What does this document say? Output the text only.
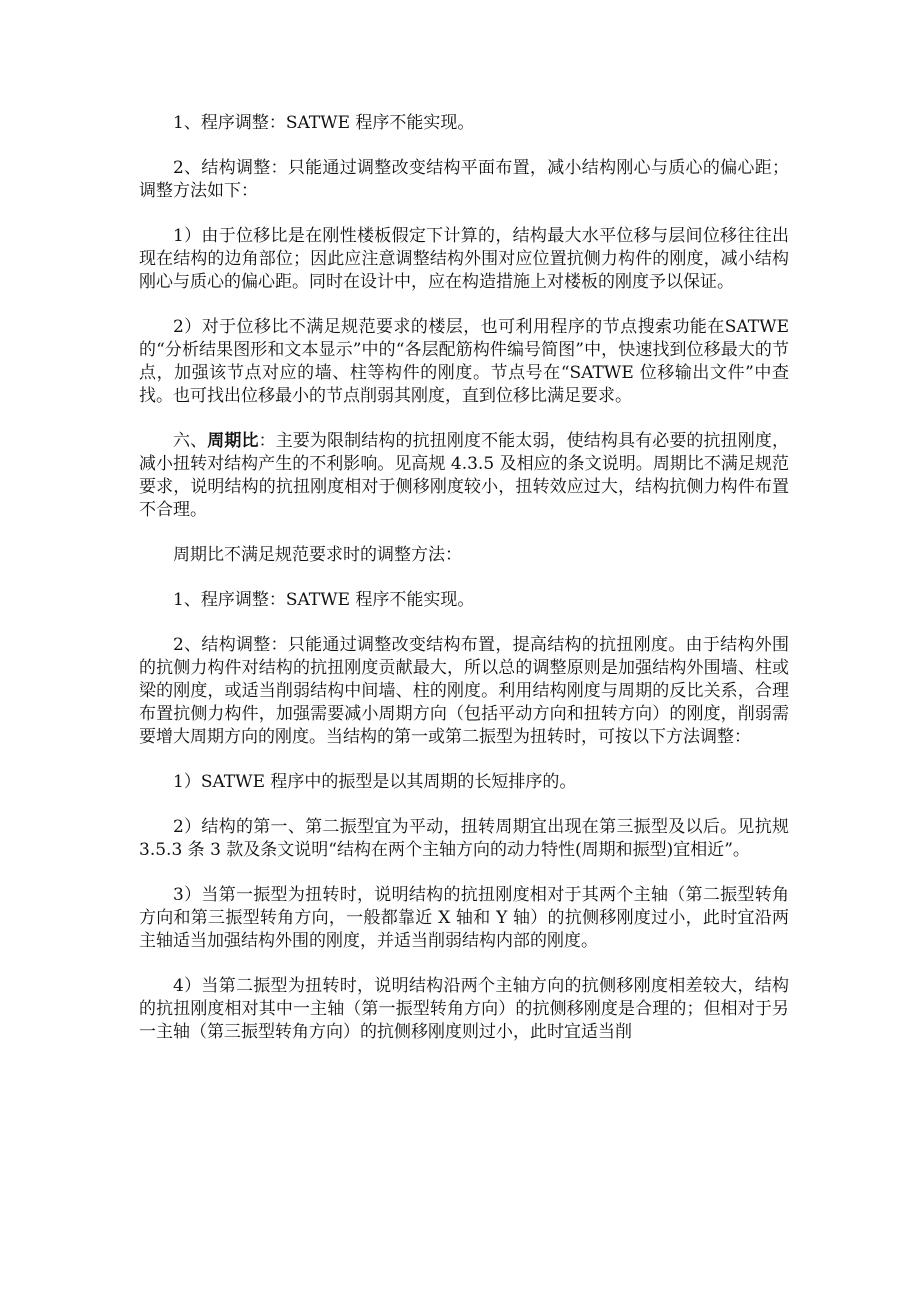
1、程序调整：SATWE 程序不能实现。

2、结构调整：只能通过调整改变结构平面布置，减小结构刚心与质心的偏心距；调整方法如下：

1）由于位移比是在刚性楼板假定下计算的，结构最大水平位移与层间位移往往出现在结构的边角部位；因此应注意调整结构外围对应位置抗侧力构件的刚度，减小结构刚心与质心的偏心距。同时在设计中，应在构造措施上对楼板的刚度予以保证。

2）对于位移比不满足规范要求的楼层，也可利用程序的节点搜索功能在SATWE 的“分析结果图形和文本显示”中的“各层配筋构件编号简图”中，快速找到位移最大的节点，加强该节点对应的墙、柱等构件的刚度。节点号在“SATWE 位移输出文件”中查找。也可找出位移最小的节点削弱其刚度，直到位移比满足要求。

六、周期比：主要为限制结构的抗扭刚度不能太弱，使结构具有必要的抗扭刚度，减小扭转对结构产生的不利影响。见高规 4.3.5 及相应的条文说明。周期比不满足规范要求，说明结构的抗扭刚度相对于侧移刚度较小，扭转效应过大，结构抗侧力构件布置不合理。

周期比不满足规范要求时的调整方法：

1、程序调整：SATWE 程序不能实现。

2、结构调整：只能通过调整改变结构布置，提高结构的抗扭刚度。由于结构外围的抗侧力构件对结构的抗扭刚度贡献最大，所以总的调整原则是加强结构外围墙、柱或梁的刚度，或适当削弱结构中间墙、柱的刚度。利用结构刚度与周期的反比关系，合理布置抗侧力构件，加强需要减小周期方向（包括平动方向和扭转方向）的刚度，削弱需要增大周期方向的刚度。当结构的第一或第二振型为扭转时，可按以下方法调整：

1）SATWE 程序中的振型是以其周期的长短排序的。

2）结构的第一、第二振型宜为平动，扭转周期宜出现在第三振型及以后。见抗规 3.5.3 条 3 款及条文说明“结构在两个主轴方向的动力特性(周期和振型)宜相近”。

3）当第一振型为扭转时，说明结构的抗扭刚度相对于其两个主轴（第二振型转角方向和第三振型转角方向，一般都靠近 X 轴和 Y 轴）的抗侧移刚度过小，此时宜沿两主轴适当加强结构外围的刚度，并适当削弱结构内部的刚度。

4）当第二振型为扭转时，说明结构沿两个主轴方向的抗侧移刚度相差较大，结构的抗扭刚度相对其中一主轴（第一振型转角方向）的抗侧移刚度是合理的；但相对于另一主轴（第三振型转角方向）的抗侧移刚度则过小，此时宜适当削
